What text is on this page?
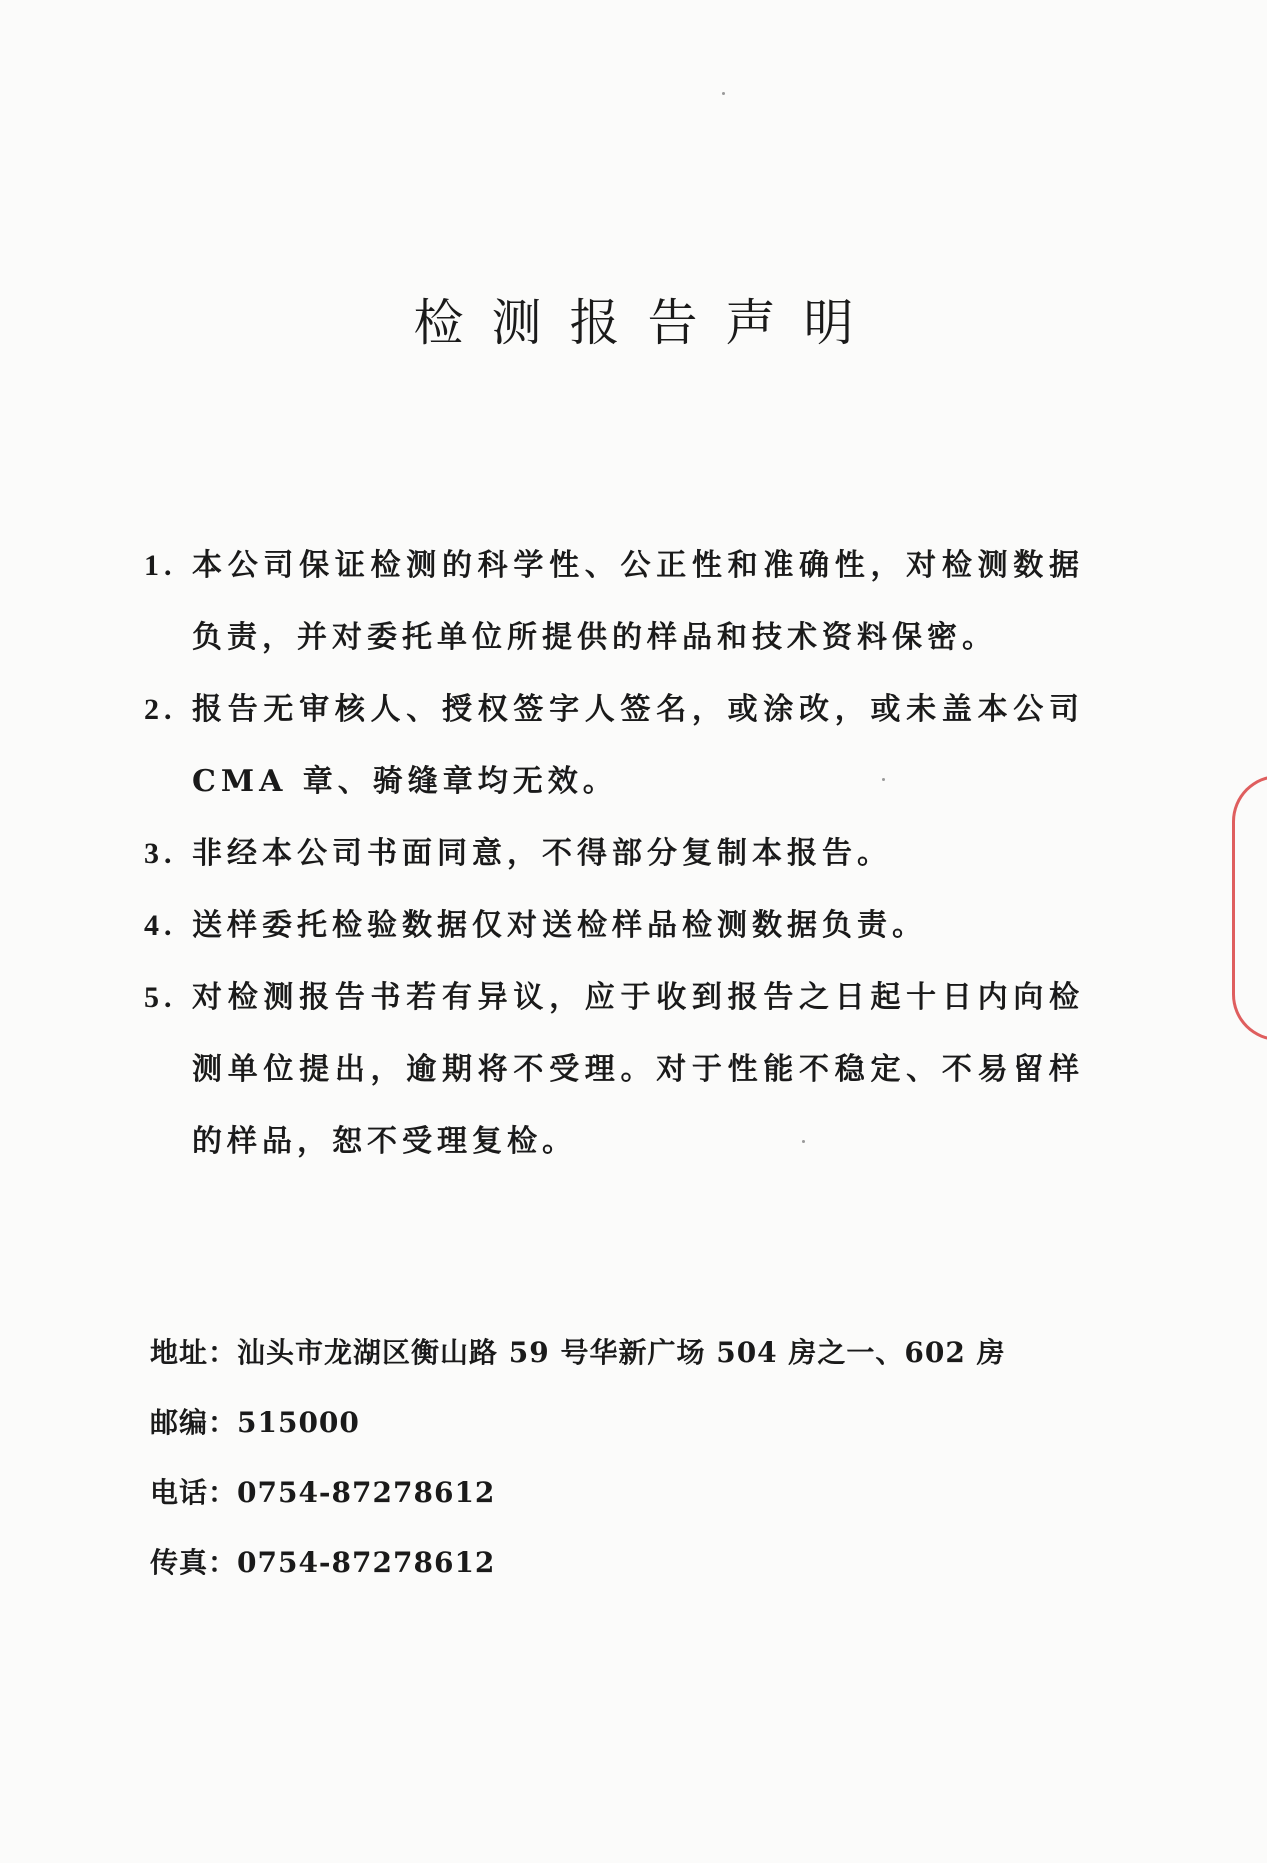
检测报告声明
1. 本公司保证检测的科学性、公正性和准确性，对检测数据负责，并对委托单位所提供的样品和技术资料保密。
2. 报告无审核人、授权签字人签名，或涂改，或未盖本公司 CMA 章、骑缝章均无效。
3. 非经本公司书面同意，不得部分复制本报告。
4. 送样委托检验数据仅对送检样品检测数据负责。
5. 对检测报告书若有异议，应于收到报告之日起十日内向检测单位提出，逾期将不受理。对于性能不稳定、不易留样的样品，恕不受理复检。
地址：汕头市龙湖区衡山路 59 号华新广场 504 房之一、602 房
邮编：515000
电话：0754-87278612
传真：0754-87278612
